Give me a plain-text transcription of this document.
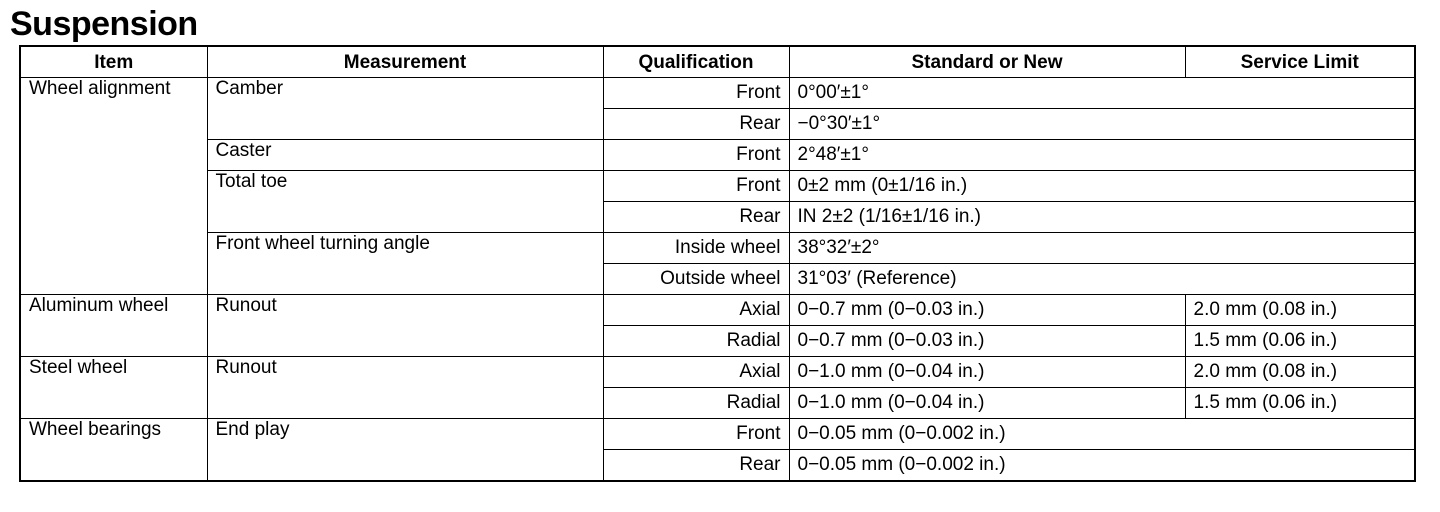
Suspension
Item	Measurement	Qualification	Standard or New	Service Limit
Wheel alignment	Camber	Front	0°00′±1°	
		Rear	−0°30′±1°	
	Caster	Front	2°48′±1°	
	Total toe	Front	0±2 mm (0±1/16 in.)	
		Rear	IN 2±2 (1/16±1/16 in.)	
	Front wheel turning angle	Inside wheel	38°32′±2°	
		Outside wheel	31°03′ (Reference)	
Aluminum wheel	Runout	Axial	0−0.7 mm (0−0.03 in.)	2.0 mm (0.08 in.)
		Radial	0−0.7 mm (0−0.03 in.)	1.5 mm (0.06 in.)
Steel wheel	Runout	Axial	0−1.0 mm (0−0.04 in.)	2.0 mm (0.08 in.)
		Radial	0−1.0 mm (0−0.04 in.)	1.5 mm (0.06 in.)
Wheel bearings	End play	Front	0−0.05 mm (0−0.002 in.)	
		Rear	0−0.05 mm (0−0.002 in.)	
